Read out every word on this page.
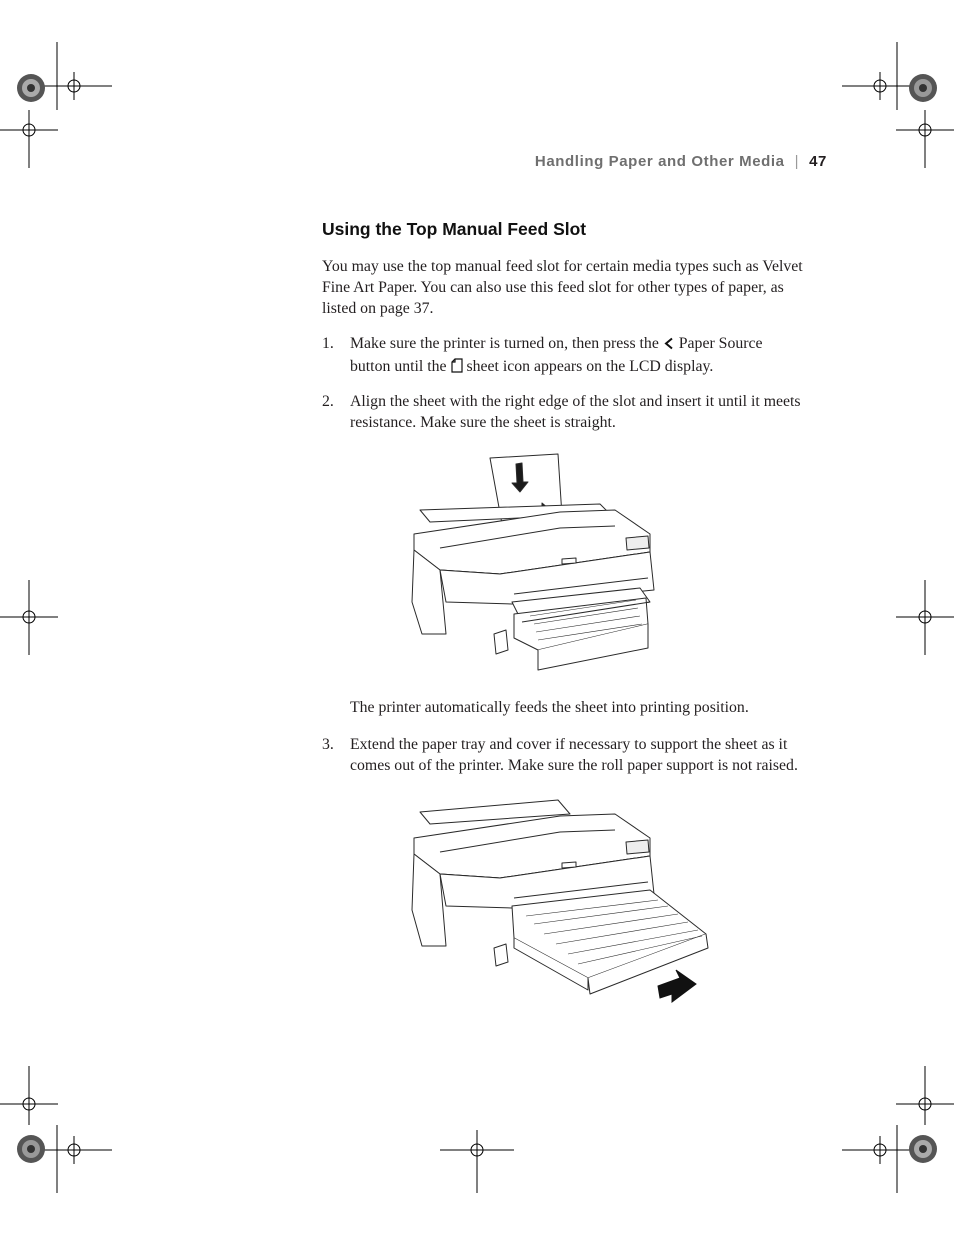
Handling Paper and Other Media | 47
Using the Top Manual Feed Slot
You may use the top manual feed slot for certain media types such as Velvet
Fine Art Paper. You can also use this feed slot for other types of paper, as
listed on page 37.
1. Make sure the printer is turned on, then press the Paper Source
button until the sheet icon appears on the LCD display.
2. Align the sheet with the right edge of the slot and insert it until it meets
resistance. Make sure the sheet is straight.
The printer automatically feeds the sheet into printing position.
3. Extend the paper tray and cover if necessary to support the sheet as it
comes out of the printer. Make sure the roll paper support is not raised.
